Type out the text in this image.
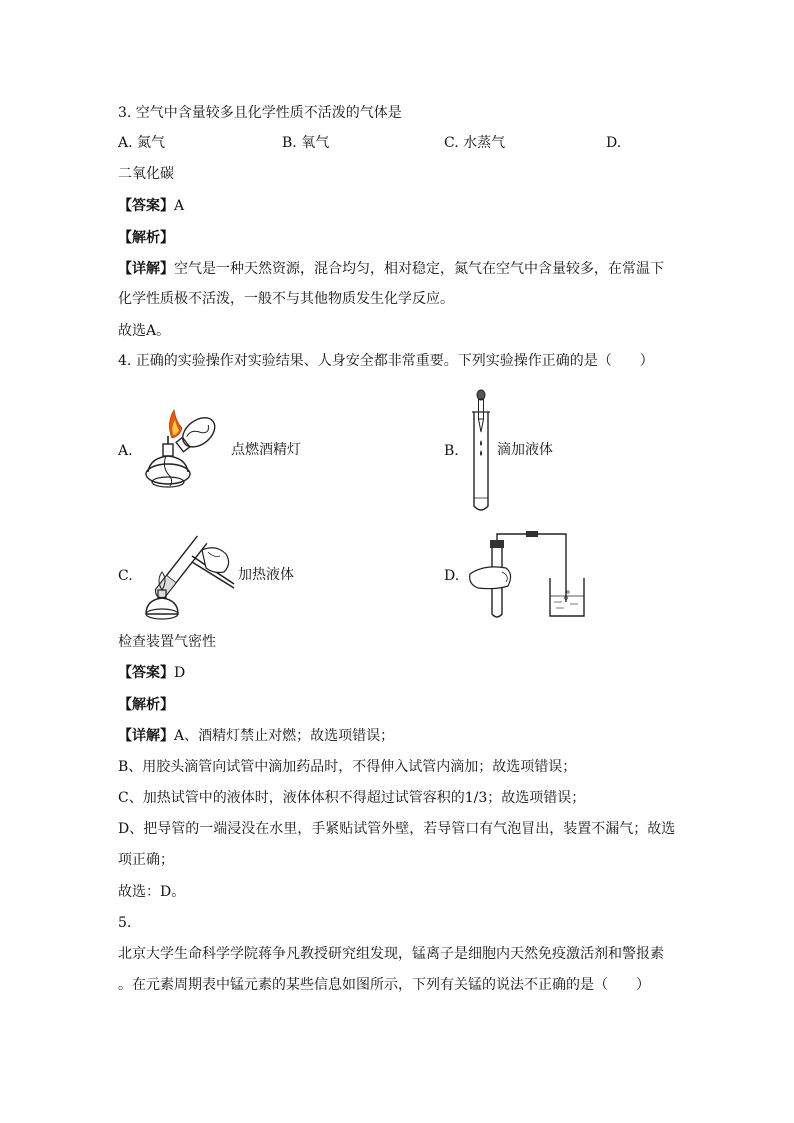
3. 空气中含量较多且化学性质不活泼的气体是
A. 氮气	B. 氧气	C. 水蒸气	D.
二氧化碳
【答案】A
【解析】
【详解】空气是一种天然资源，混合均匀，相对稳定，氮气在空气中含量较多，在常温下
化学性质极不活泼，一般不与其他物质发生化学反应。
故选A。
4. 正确的实验操作对实验结果、人身安全都非常重要。下列实验操作正确的是（　　）
A.	点燃酒精灯	B.	滴加液体
C.	加热液体	D.
检查装置气密性
【答案】D
【解析】
【详解】A、酒精灯禁止对燃；故选项错误；
B、用胶头滴管向试管中滴加药品时，不得伸入试管内滴加；故选项错误；
C、加热试管中的液体时，液体体积不得超过试管容积的1/3；故选项错误；
D、把导管的一端浸没在水里，手紧贴试管外壁，若导管口有气泡冒出，装置不漏气；故选
项正确；
故选：D。
5.
北京大学生命科学学院蒋争凡教授研究组发现，锰离子是细胞内天然免疫激活剂和警报素
。在元素周期表中锰元素的某些信息如图所示，下列有关锰的说法不正确的是（　　）
